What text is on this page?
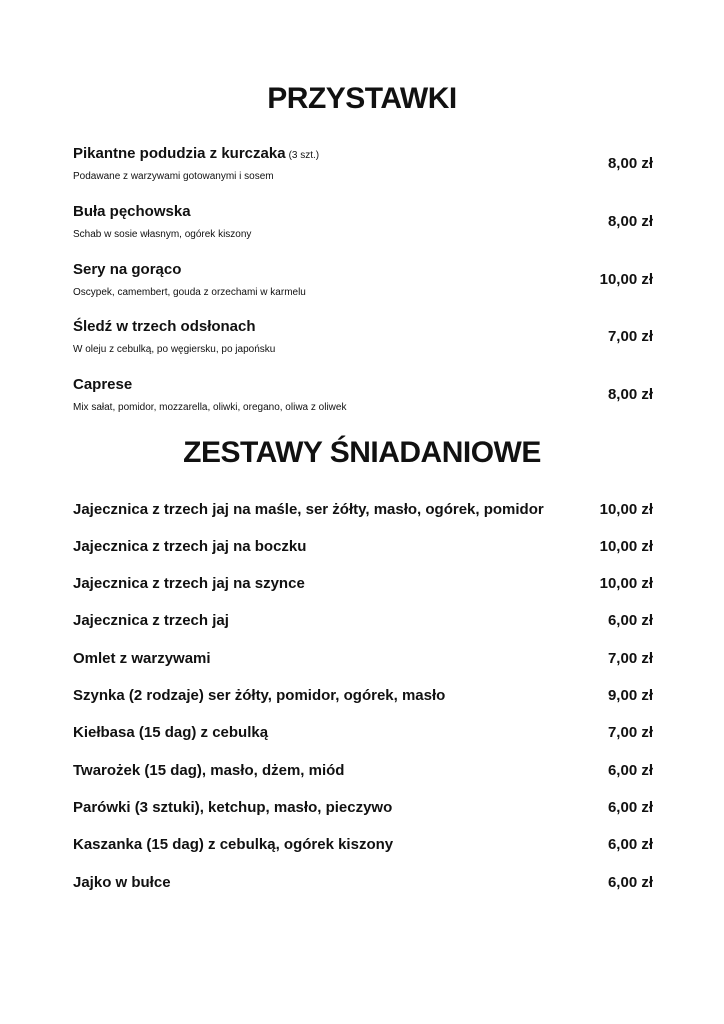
PRZYSTAWKI
Pikantne podudzia z kurczaka (3 szt.)
Podawane z warzywami gotowanymi i sosem
8,00 zł
Buła pęchowska
Schab w sosie własnym, ogórek kiszony
8,00 zł
Sery na gorąco
Oscypek, camembert, gouda z orzechami w karmelu
10,00 zł
Śledź w trzech odsłonach
W oleju z cebulką, po węgiersku, po japońsku
7,00 zł
Caprese
Mix sałat, pomidor, mozzarella, oliwki, oregano, oliwa z oliwek
8,00 zł
ZESTAWY ŚNIADANIOWE
Jajecznica z trzech jaj na maśle, ser żółty, masło, ogórek, pomidor	10,00 zł
Jajecznica z trzech jaj na boczku	10,00 zł
Jajecznica z trzech jaj na szynce	10,00 zł
Jajecznica z trzech jaj	6,00 zł
Omlet z warzywami	7,00 zł
Szynka (2 rodzaje) ser żółty, pomidor, ogórek, masło	9,00 zł
Kiełbasa (15 dag) z cebulką	7,00 zł
Twarożek (15 dag), masło, dżem, miód	6,00 zł
Parówki (3 sztuki), ketchup, masło, pieczywo	6,00 zł
Kaszanka (15 dag) z cebulką, ogórek kiszony	6,00 zł
Jajko w bułce	6,00 zł
